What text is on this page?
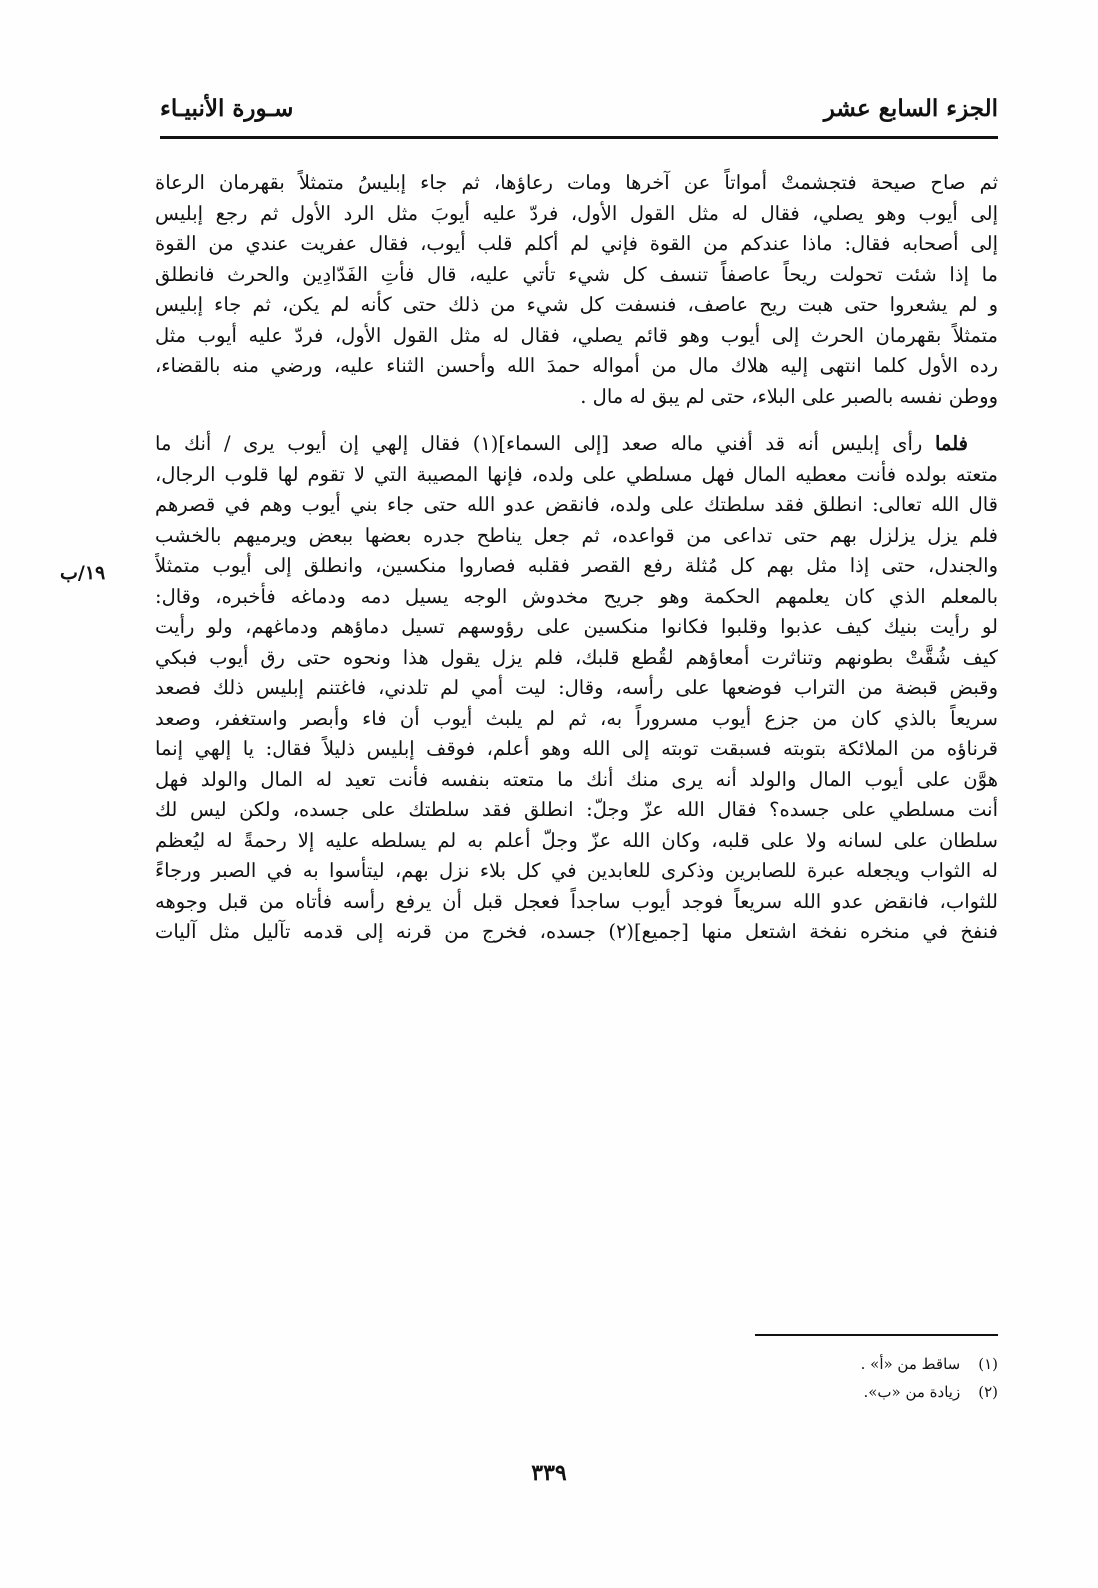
الجزء السابع عشر
سـورة الأنبيـاء
ثم صاح صيحة فتجشمتْ أمواتاً عن آخرها ومات رعاؤها، ثم جاء إبليسُ متمثلاً بقهرمان الرعاة
إلى أيوب وهو يصلي، فقال له مثل القول الأول، فردّ عليه أيوبَ مثل الرد الأول ثم رجع إبليس
إلى أصحابه فقال: ماذا عندكم من القوة فإني لم أكلم قلب أيوب، فقال عفريت عندي من القوة
ما إذا شئت تحولت ريحاً عاصفاً تنسف كل شيء تأتي عليه، قال فأتِ الفَدّادِين والحرث فانطلق
و لم يشعروا حتى هبت ريح عاصف، فنسفت كل شيء من ذلك حتى كأنه لم يكن، ثم جاء إبليس
متمثلاً بقهرمان الحرث إلى أيوب وهو قائم يصلي، فقال له مثل القول الأول، فردّ عليه أيوب مثل
رده الأول كلما انتهى إليه هلاك مال من أمواله حمدَ الله وأحسن الثناء عليه، ورضي منه بالقضاء،
ووطن نفسه بالصبر على البلاء، حتى لم يبق له مال .
فلما رأى إبليس أنه قد أفني ماله صعد [إلى السماء](١) فقال إلهي إن أيوب يرى / أنك ما
متعته بولده فأنت معطيه المال فهل مسلطي على ولده، فإنها المصيبة التي لا تقوم لها قلوب الرجال،
قال الله تعالى: انطلق فقد سلطتك على ولده، فانقض عدو الله حتى جاء بني أيوب وهم في قصرهم
فلم يزل يزلزل بهم حتى تداعى من قواعده، ثم جعل يناطح جدره بعضها ببعض ويرميهم بالخشب
والجندل، حتى إذا مثل بهم كل مُثلة رفع القصر فقلبه فصاروا منكسين، وانطلق إلى أيوب متمثلاً
بالمعلم الذي كان يعلمهم الحكمة وهو جريح مخدوش الوجه يسيل دمه ودماغه فأخبره، وقال:
لو رأيت بنيك كيف عذبوا وقلبوا فكانوا منكسين على رؤوسهم تسيل دماؤهم ودماغهم، ولو رأيت
كيف شُقَّتْ بطونهم وتناثرت أمعاؤهم لقُطع قلبك، فلم يزل يقول هذا ونحوه حتى رق أيوب فبكي
وقبض قبضة من التراب فوضعها على رأسه، وقال: ليت أمي لم تلدني، فاغتنم إبليس ذلك فصعد
سريعاً بالذي كان من جزع أيوب مسروراً به، ثم لم يلبث أيوب أن فاء وأبصر واستغفر، وصعد
قرناؤه من الملائكة بتوبته فسبقت توبته إلى الله وهو أعلم، فوقف إبليس ذليلاً فقال: يا إلهي إنما
هوَّن على أيوب المال والولد أنه يرى منك أنك ما متعته بنفسه فأنت تعيد له المال والولد فهل
أنت مسلطي على جسده؟ فقال الله عزّ وجلّ: انطلق فقد سلطتك على جسده، ولكن ليس لك
سلطان على لسانه ولا على قلبه، وكان الله عزّ وجلّ أعلم به لم يسلطه عليه إلا رحمةً له ليُعظم
له الثواب ويجعله عبرة للصابرين وذكرى للعابدين في كل بلاء نزل بهم، ليتأسوا به في الصبر ورجاءً
للثواب، فانقض عدو الله سريعاً فوجد أيوب ساجداً فعجل قبل أن يرفع رأسه فأتاه من قبل وجوهه
فنفخ في منخره نفخة اشتعل منها [جميع](٢) جسده، فخرج من قرنه إلى قدمه تآليل مثل آليات
١٩/ب
(١)
ساقط من «أ» .
(٢)
زيادة من «ب».
٣٣٩
